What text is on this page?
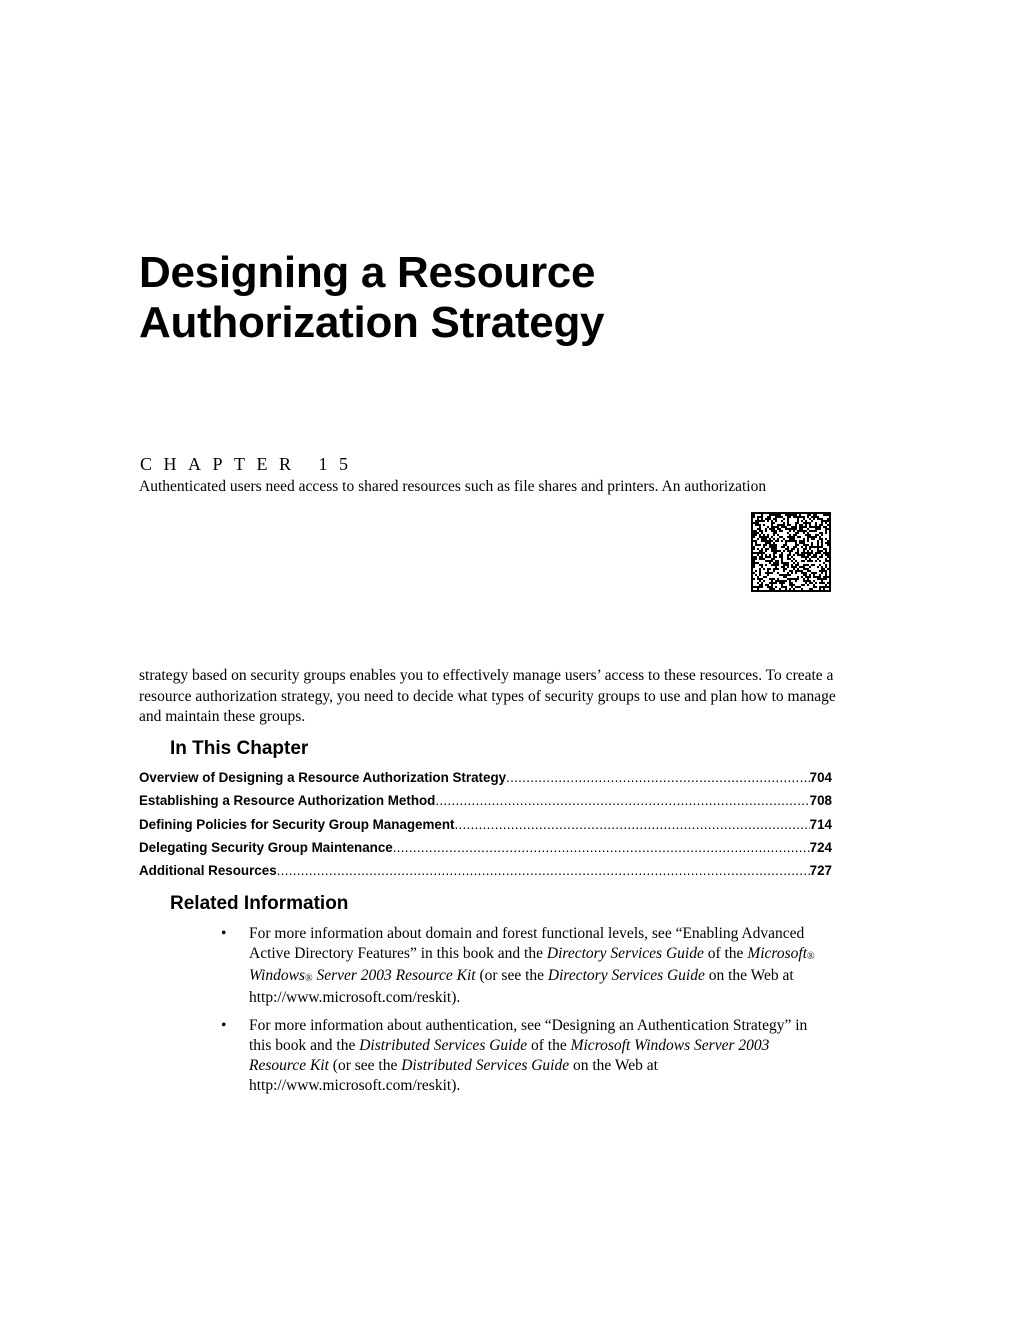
Designing a Resource
Authorization Strategy
CHAPTER 15
Authenticated users need access to shared resources such as file shares and printers. An authorization
strategy based on security groups enables you to effectively manage users’ access to these resources. To create a resource authorization strategy, you need to decide what types of security groups to use and plan how to manage and maintain these groups.
In This Chapter
Overview of Designing a Resource Authorization Strategy .....	704
Establishing a Resource Authorization Method .....	708
Defining Policies for Security Group Management .....	714
Delegating Security Group Maintenance .....	724
Additional Resources .....	727
Related Information
• For more information about domain and forest functional levels, see “Enabling Advanced Active Directory Features” in this book and the Directory Services Guide of the Microsoft® Windows® Server 2003 Resource Kit (or see the Directory Services Guide on the Web at http://www.microsoft.com/reskit).
• For more information about authentication, see “Designing an Authentication Strategy” in this book and the Distributed Services Guide of the Microsoft Windows Server 2003 Resource Kit (or see the Distributed Services Guide on the Web at http://www.microsoft.com/reskit).
